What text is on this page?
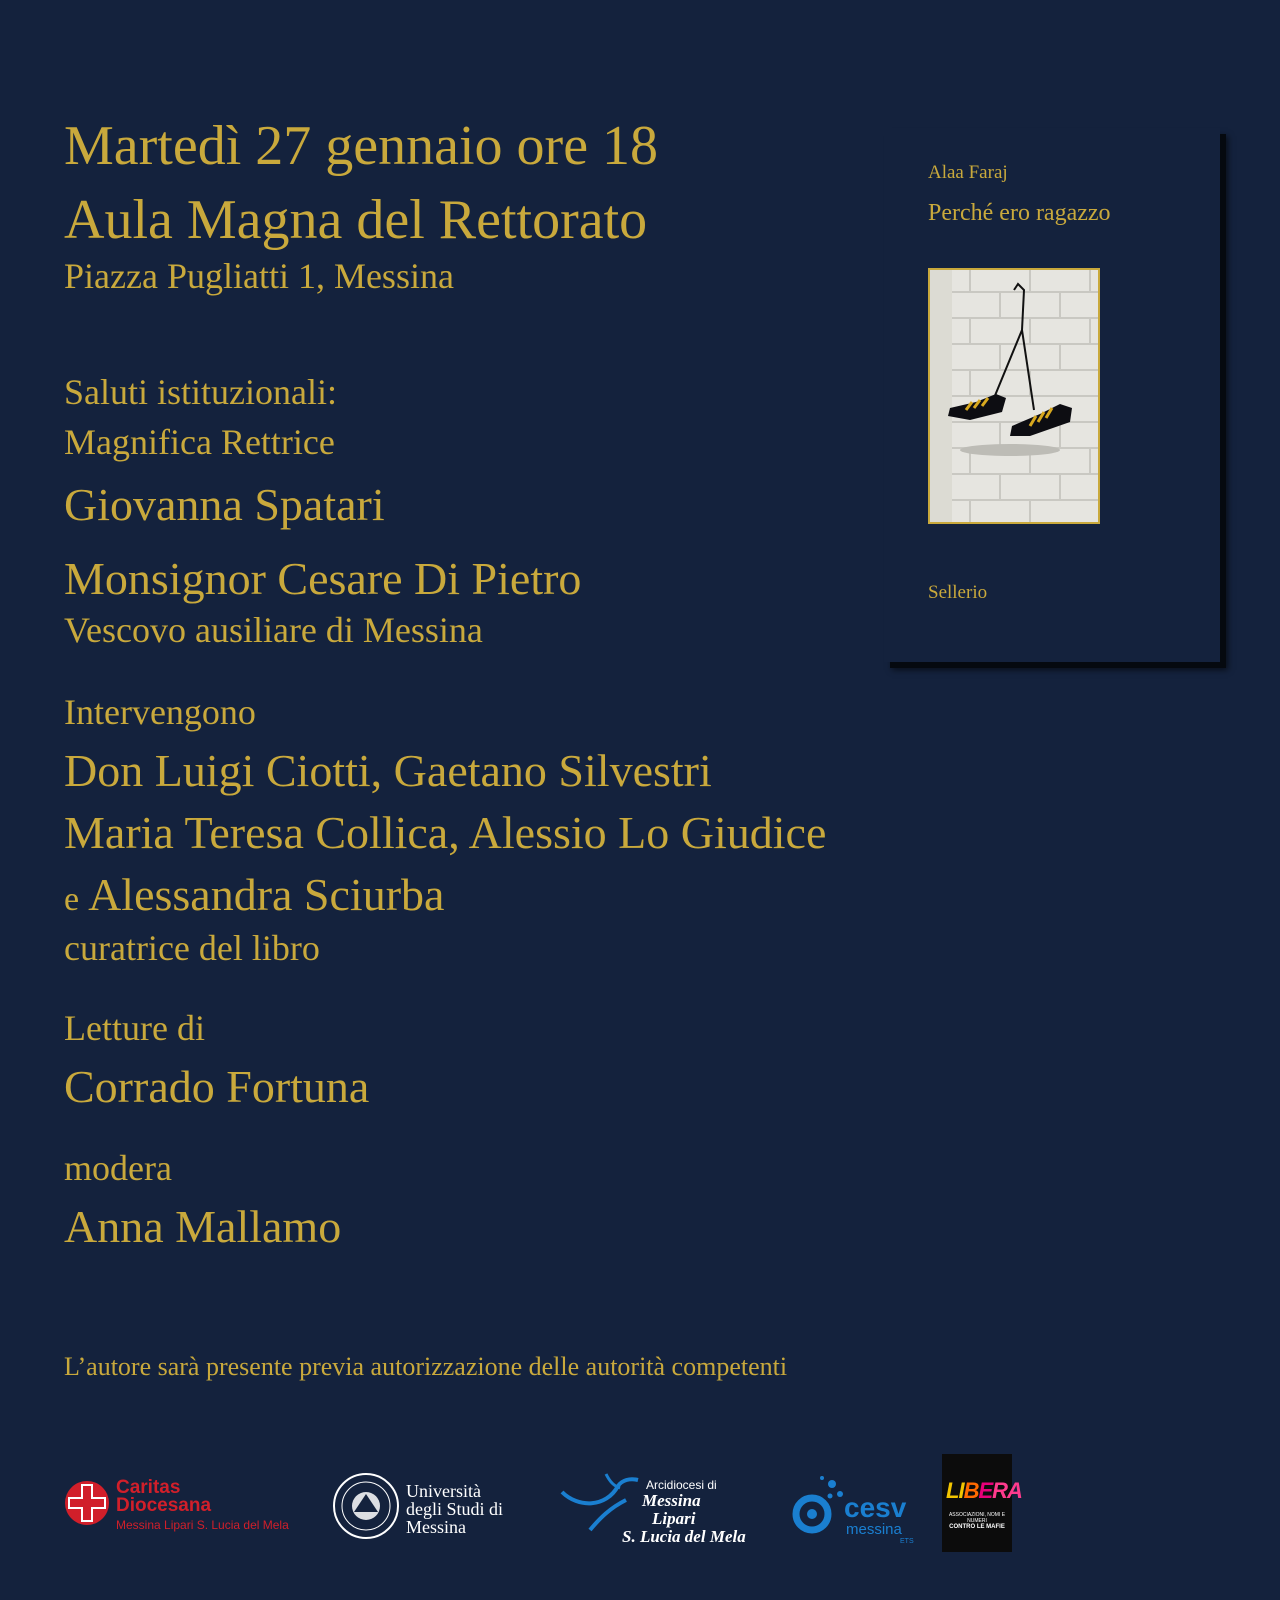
Martedì 27 gennaio ore 18
Aula Magna del Rettorato
Piazza Pugliatti 1, Messina
Saluti istituzionali:
Magnifica Rettrice
Giovanna Spatari
Monsignor Cesare Di Pietro
Vescovo ausiliare di Messina
Intervengono
Don Luigi Ciotti, Gaetano Silvestri
Maria Teresa Collica, Alessio Lo Giudice
e Alessandra Sciurba
curatrice del libro
Letture di
Corrado Fortuna
modera
Anna Mallamo
L’autore sarà presente previa autorizzazione delle autorità competenti
Alaa Faraj
Perché ero ragazzo
Sellerio
Caritas
Diocesana
Messina Lipari S. Lucia del Mela
Università
degli Studi di
Messina
Arcidiocesi di
Messina
Lipari
S. Lucia del Mela
cesv
messina
ETS
LIBERA
ASSOCIAZIONI, NOMI E NUMERI
CONTRO LE MAFIE
